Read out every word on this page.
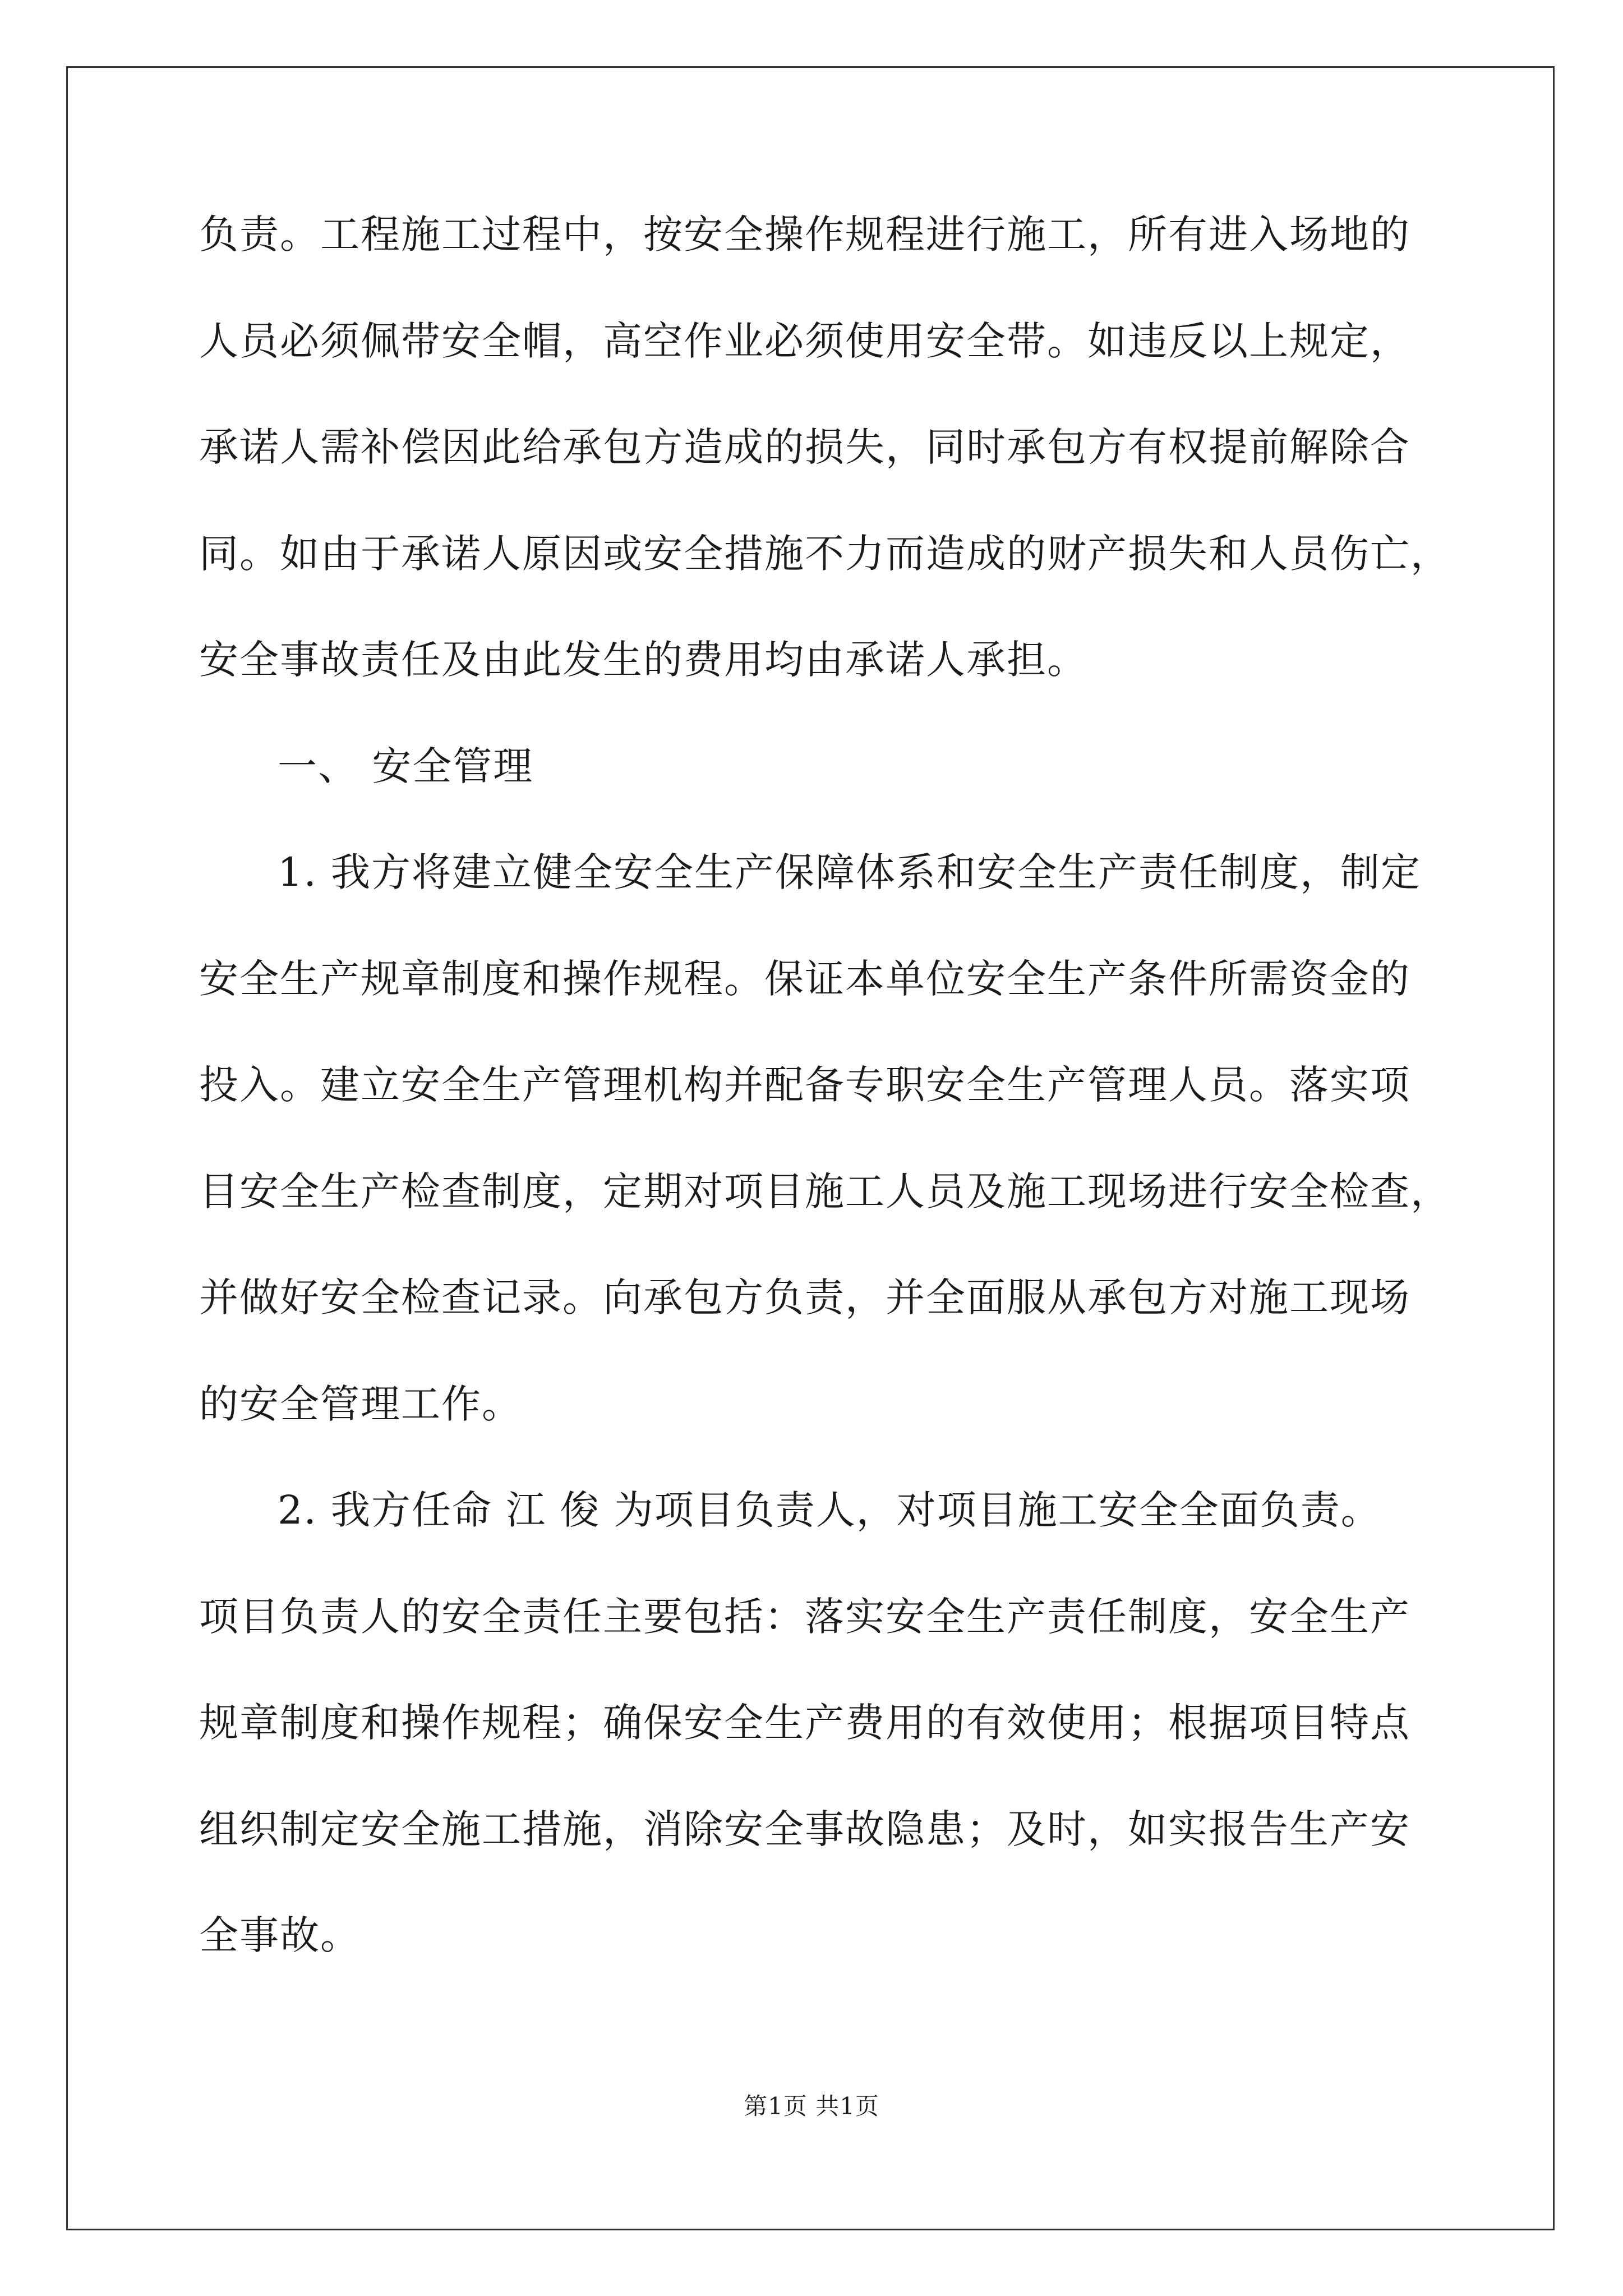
负责。工程施工过程中，按安全操作规程进行施工，所有进入场地的
人员必须佩带安全帽，高空作业必须使用安全带。如违反以上规定，
承诺人需补偿因此给承包方造成的损失，同时承包方有权提前解除合
同。如由于承诺人原因或安全措施不力而造成的财产损失和人员伤亡，
安全事故责任及由此发生的费用均由承诺人承担。
一、 安全管理
1. 我方将建立健全安全生产保障体系和安全生产责任制度，制定
安全生产规章制度和操作规程。保证本单位安全生产条件所需资金的
投入。建立安全生产管理机构并配备专职安全生产管理人员。落实项
目安全生产检查制度，定期对项目施工人员及施工现场进行安全检查，
并做好安全检查记录。向承包方负责，并全面服从承包方对施工现场
的安全管理工作。
2. 我方任命 江 俊 为项目负责人，对项目施工安全全面负责。
项目负责人的安全责任主要包括：落实安全生产责任制度，安全生产
规章制度和操作规程；确保安全生产费用的有效使用；根据项目特点
组织制定安全施工措施，消除安全事故隐患；及时，如实报告生产安
全事故。
第1页 共1页
